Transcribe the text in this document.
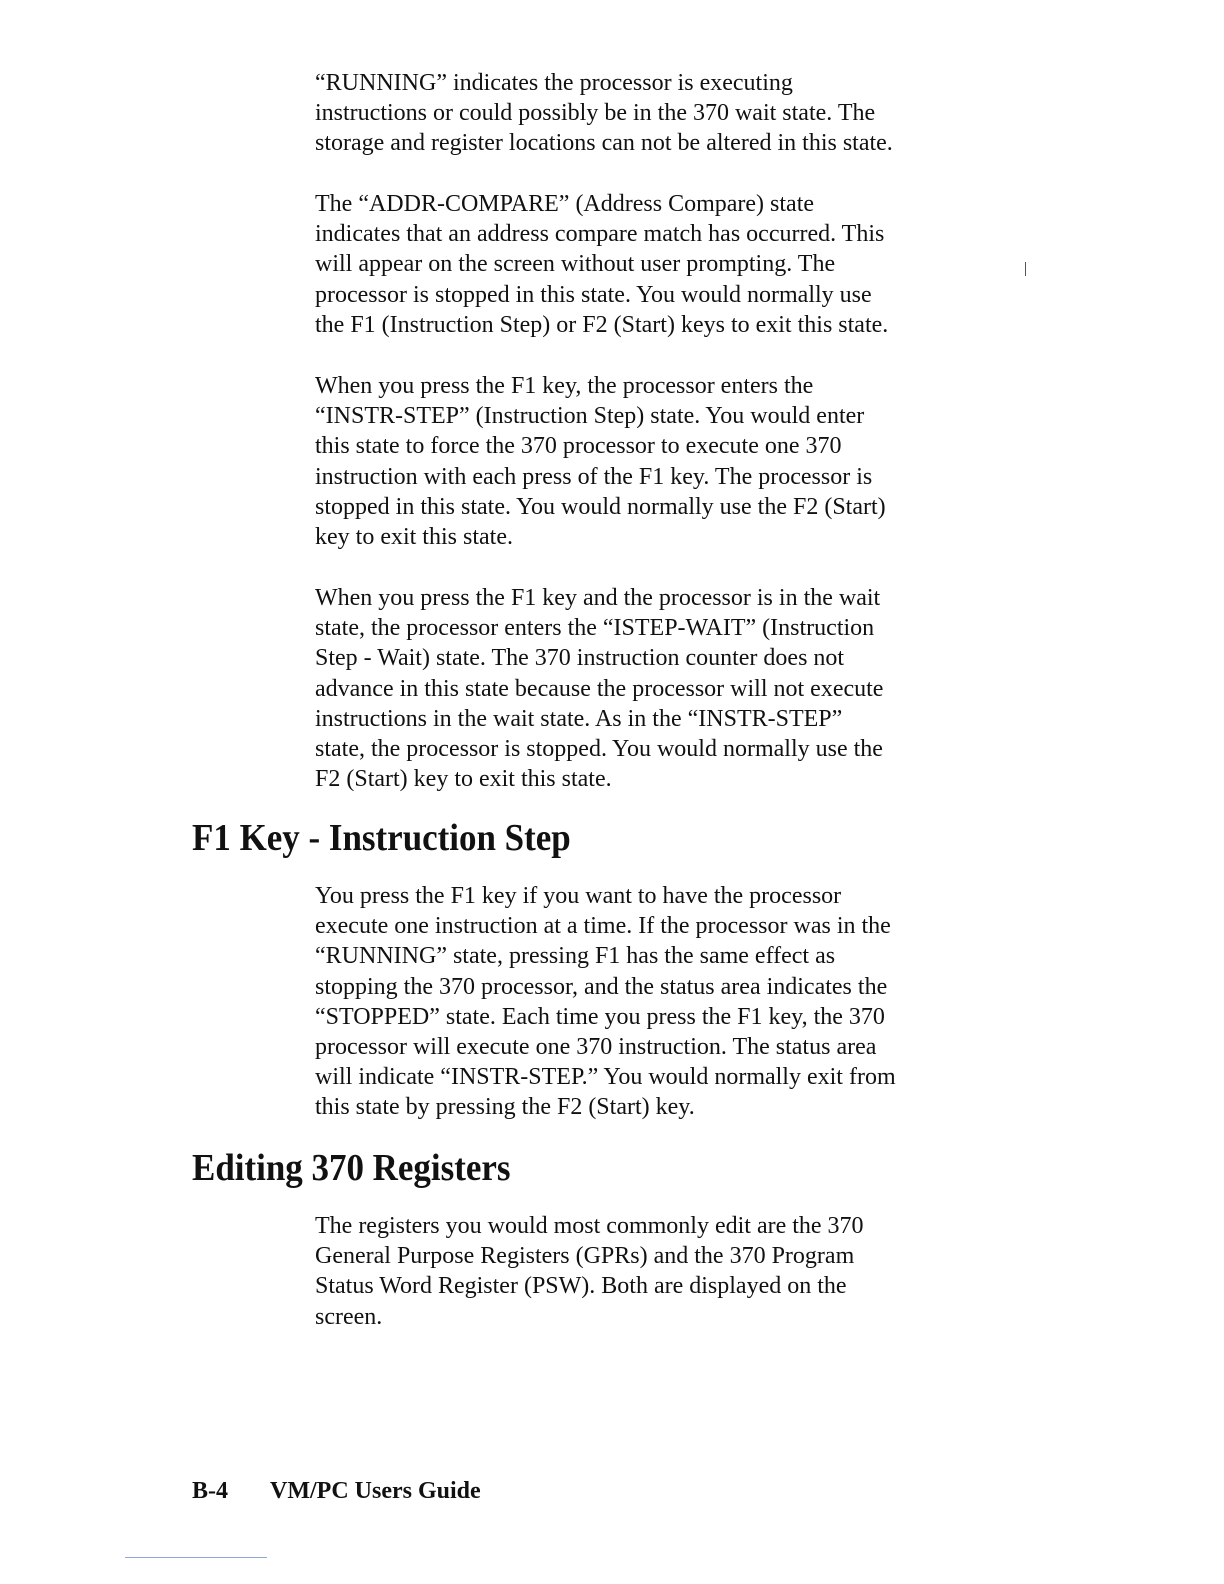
“RUNNING” indicates the processor is executing
instructions or could possibly be in the 370 wait state. The
storage and register locations can not be altered in this state.

The “ADDR-COMPARE” (Address Compare) state
indicates that an address compare match has occurred. This
will appear on the screen without user prompting. The
processor is stopped in this state. You would normally use
the F1 (Instruction Step) or F2 (Start) keys to exit this state.

When you press the F1 key, the processor enters the
“INSTR-STEP” (Instruction Step) state. You would enter
this state to force the 370 processor to execute one 370
instruction with each press of the F1 key. The processor is
stopped in this state. You would normally use the F2 (Start)
key to exit this state.

When you press the F1 key and the processor is in the wait
state, the processor enters the “ISTEP-WAIT” (Instruction
Step - Wait) state. The 370 instruction counter does not
advance in this state because the processor will not execute
instructions in the wait state. As in the “INSTR-STEP”
state, the processor is stopped. You would normally use the
F2 (Start) key to exit this state.

F1 Key - Instruction Step

You press the F1 key if you want to have the processor
execute one instruction at a time. If the processor was in the
“RUNNING” state, pressing F1 has the same effect as
stopping the 370 processor, and the status area indicates the
“STOPPED” state. Each time you press the F1 key, the 370
processor will execute one 370 instruction. The status area
will indicate “INSTR-STEP.” You would normally exit from
this state by pressing the F2 (Start) key.

Editing 370 Registers

The registers you would most commonly edit are the 370
General Purpose Registers (GPRs) and the 370 Program
Status Word Register (PSW). Both are displayed on the
screen.

B-4 VM/PC Users Guide
